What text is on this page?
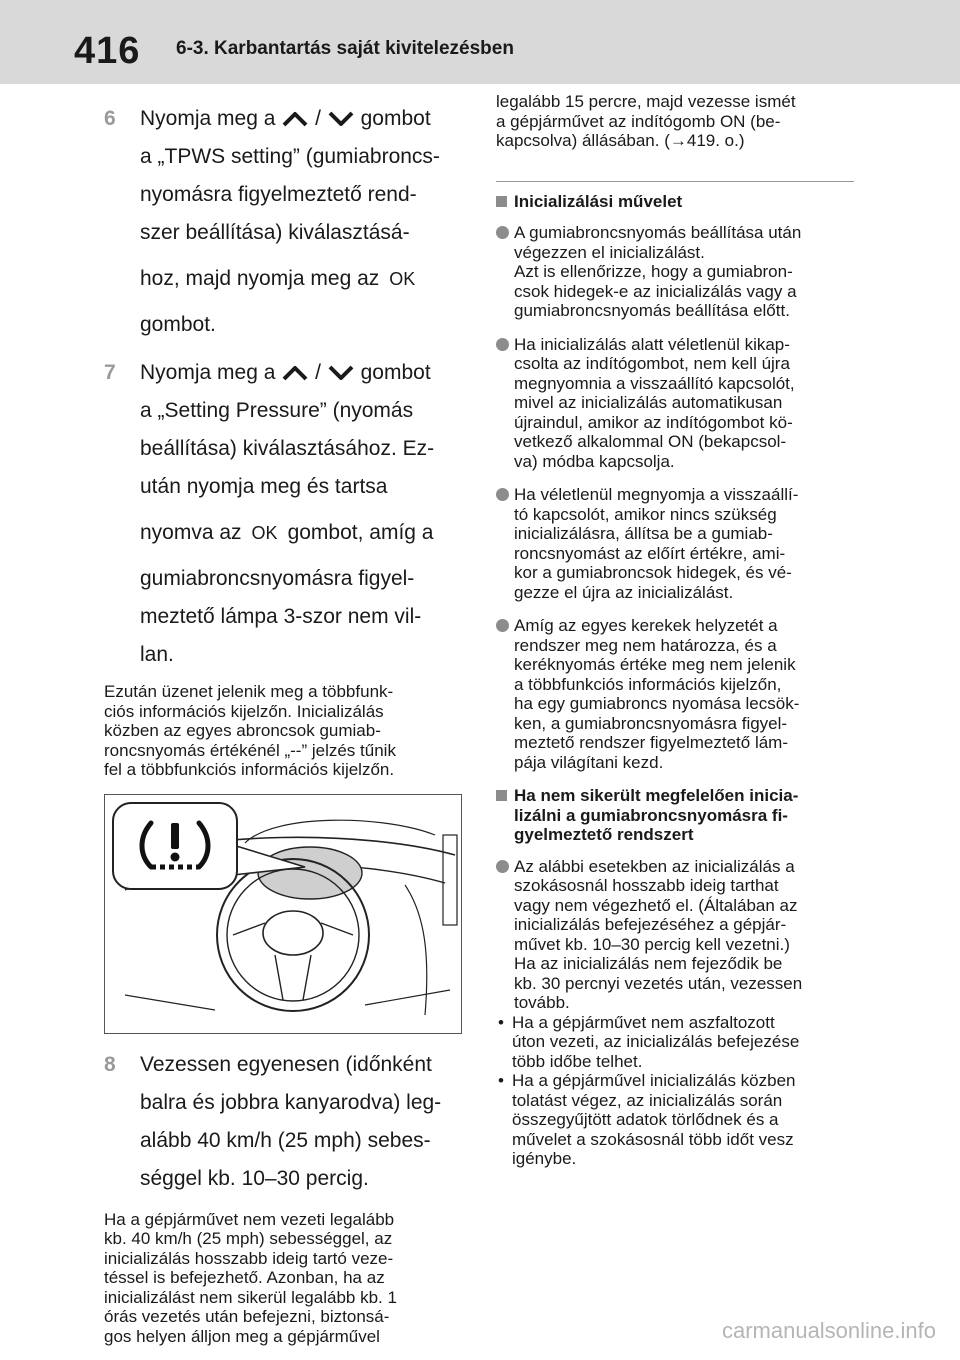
416 6-3. Karbantartás saját kivitelezésben
6 Nyomja meg a / gombot

a „TPWS setting” (gumiabroncs-

nyomásra figyelmeztető rend-

szer beállítása) kiválasztásá-

hoz, majd nyomja meg az OK

gombot.

7 Nyomja meg a / gombot

a „Setting Pressure” (nyomás

beállítása) kiválasztásához. Ez-

után nyomja meg és tartsa

nyomva az OK gombot, amíg a

gumiabroncsnyomásra figyel-

meztető lámpa 3-szor nem vil-

lan.

Ezután üzenet jelenik meg a többfunk-
ciós információs kijelzőn. Inicializálás
közben az egyes abroncsok gumiab-
roncsnyomás értékénél „--” jelzés tűnik
fel a többfunkciós információs kijelzőn.

8 Vezessen egyenesen (időnként

balra és jobbra kanyarodva) leg-

alább 40 km/h (25 mph) sebes-

séggel kb. 10–30 percig.

Ha a gépjárművet nem vezeti legalább
kb. 40 km/h (25 mph) sebességgel, az
inicializálás hosszabb ideig tartó veze-
téssel is befejezhető. Azonban, ha az
inicializálást nem sikerül legalább kb. 1
órás vezetés után befejezni, biztonsá-
gos helyen álljon meg a gépjárművel

legalább 15 percre, majd vezesse ismét
a gépjárművet az indítógomb ON (be-
kapcsolva) állásában. (→419. o.)

Inicializálási művelet
A gumiabroncsnyomás beállítása után
végezzen el inicializálást.
Azt is ellenőrizze, hogy a gumiabron-
csok hidegek-e az inicializálás vagy a
gumiabroncsnyomás beállítása előtt.
Ha inicializálás alatt véletlenül kikap-
csolta az indítógombot, nem kell újra
megnyomnia a visszaállító kapcsolót,
mivel az inicializálás automatikusan
újraindul, amikor az indítógombot kö-
vetkező alkalommal ON (bekapcsol-
va) módba kapcsolja.
Ha véletlenül megnyomja a visszaállí-
tó kapcsolót, amikor nincs szükség
inicializálásra, állítsa be a gumiab-
roncsnyomást az előírt értékre, ami-
kor a gumiabroncsok hidegek, és vé-
gezze el újra az inicializálást.
Amíg az egyes kerekek helyzetét a
rendszer meg nem határozza, és a
keréknyomás értéke meg nem jelenik
a többfunkciós információs kijelzőn,
ha egy gumiabroncs nyomása lecsök-
ken, a gumiabroncsnyomásra figyel-
meztető rendszer figyelmeztető lám-
pája világítani kezd.
Ha nem sikerült megfelelően inicia-
lizálni a gumiabroncsnyomásra fi-
gyelmeztető rendszert
Az alábbi esetekben az inicializálás a
szokásosnál hosszabb ideig tarthat
vagy nem végezhető el. (Általában az
inicializálás befejezéséhez a gépjár-
művet kb. 10–30 percig kell vezetni.)
Ha az inicializálás nem fejeződik be
kb. 30 percnyi vezetés után, vezessen
tovább.
• Ha a gépjárművet nem aszfaltozott
úton vezeti, az inicializálás befejezése
több időbe telhet.
• Ha a gépjárművel inicializálás közben
tolatást végez, az inicializálás során
összegyűjtött adatok törlődnek és a
művelet a szokásosnál több időt vesz
igénybe.
carmanualsonline.info
